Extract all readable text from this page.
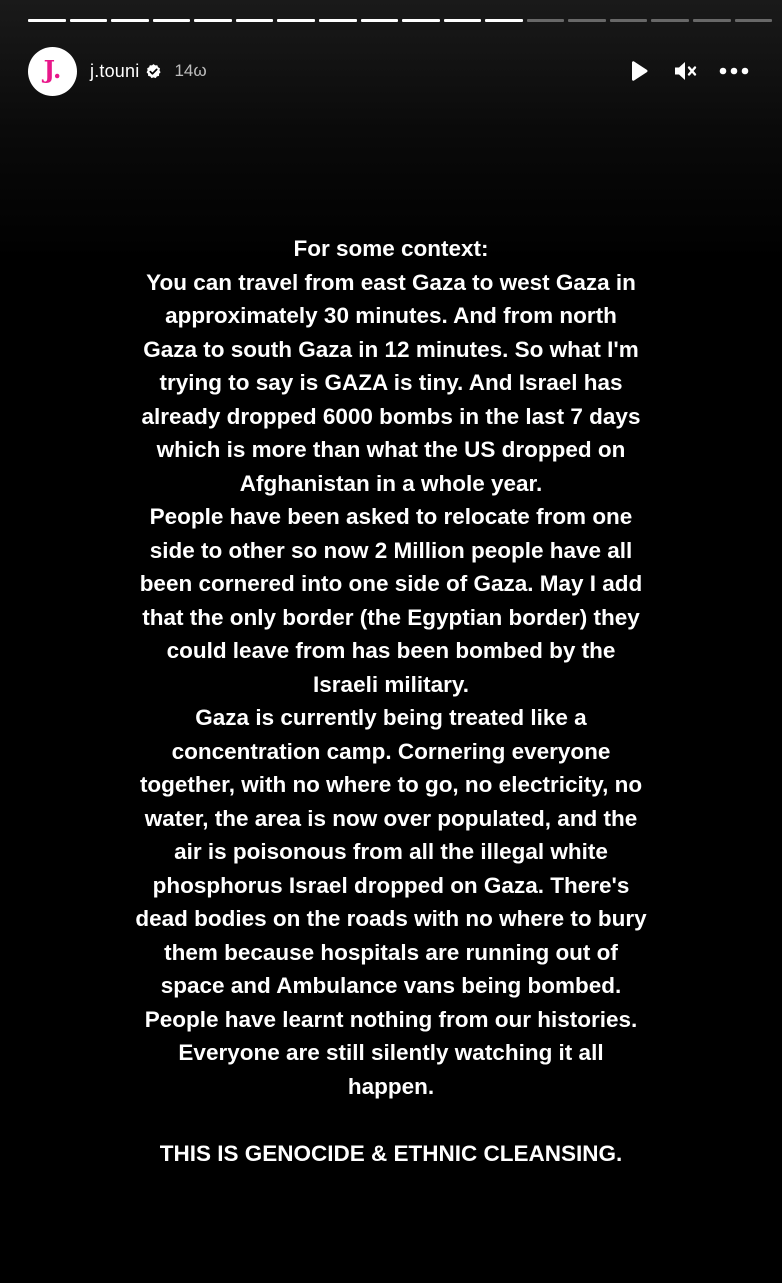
J. j.touni 14ω
For some context:
You can travel from east Gaza to west Gaza in
approximately 30 minutes. And from north
Gaza to south Gaza in 12 minutes. So what I'm
trying to say is GAZA is tiny. And Israel has
already dropped 6000 bombs in the last 7 days
which is more than what the US dropped on
Afghanistan in a whole year.
People have been asked to relocate from one
side to other so now 2 Million people have all
been cornered into one side of Gaza. May I add
that the only border (the Egyptian border) they
could leave from has been bombed by the
Israeli military.
Gaza is currently being treated like a
concentration camp. Cornering everyone
together, with no where to go, no electricity, no
water, the area is now over populated, and the
air is poisonous from all the illegal white
phosphorus Israel dropped on Gaza. There's
dead bodies on the roads with no where to bury
them because hospitals are running out of
space and Ambulance vans being bombed.
People have learnt nothing from our histories.
Everyone are still silently watching it all
happen.
THIS IS GENOCIDE & ETHNIC CLEANSING.
